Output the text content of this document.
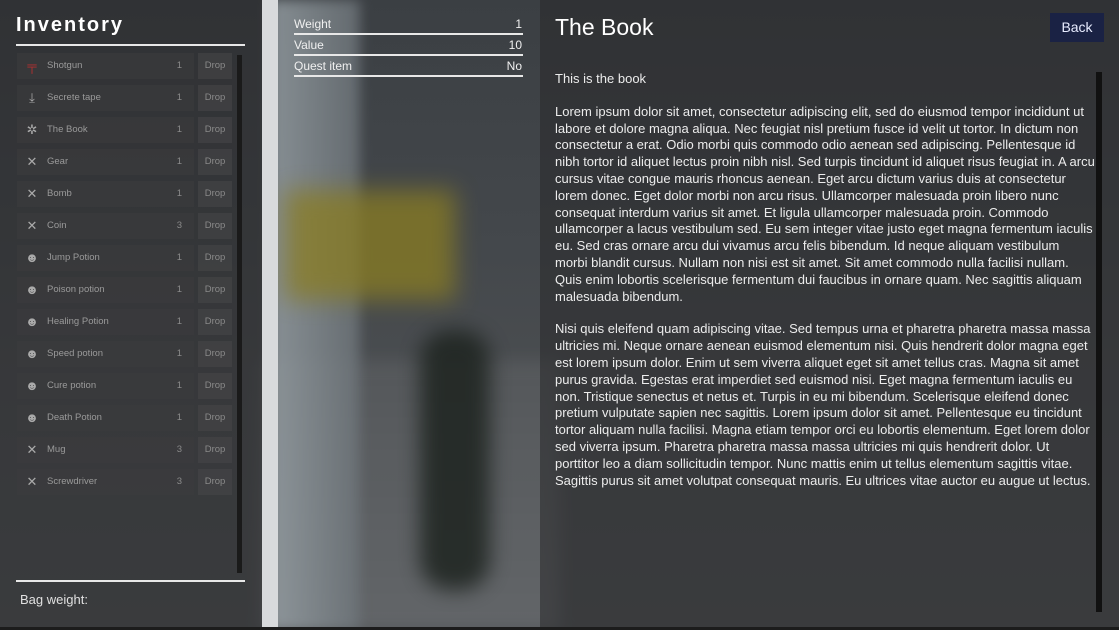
Inventory
╤	Shotgun	1	Drop
⤓	Secrete tape	1	Drop
✲ The Book	1	Drop
✕ Gear	1	Drop
✕ Bomb	1	Drop
✕ Coin	3	Drop
☻ Jump Potion	1	Drop
☻ Poison potion	1	Drop
☻ Healing Potion	1	Drop
☻ Speed potion	1	Drop
☻ Cure potion	1	Drop
☻ Death Potion	1	Drop
✕ Mug	3	Drop
✕ Screwdriver	3	Drop
Bag weight:
Weight	1
Value	10
Quest item	No
The Book	Back

This is the book

Lorem ipsum dolor sit amet, consectetur adipiscing elit, sed do eiusmod tempor incididunt ut labore et dolore magna aliqua. Nec feugiat nisl pretium fusce id velit ut tortor. In dictum non consectetur a erat. Odio morbi quis commodo odio aenean sed adipiscing. Pellentesque id nibh tortor id aliquet lectus proin nibh nisl. Sed turpis tincidunt id aliquet risus feugiat in. A arcu cursus vitae congue mauris rhoncus aenean. Eget arcu dictum varius duis at consectetur lorem donec. Eget dolor morbi non arcu risus. Ullamcorper malesuada proin libero nunc consequat interdum varius sit amet. Et ligula ullamcorper malesuada proin. Commodo ullamcorper a lacus vestibulum sed. Eu sem integer vitae justo eget magna fermentum iaculis eu. Sed cras ornare arcu dui vivamus arcu felis bibendum. Id neque aliquam vestibulum morbi blandit cursus. Nullam non nisi est sit amet. Sit amet commodo nulla facilisi nullam. Quis enim lobortis scelerisque fermentum dui faucibus in ornare quam. Nec sagittis aliquam malesuada bibendum.

Nisi quis eleifend quam adipiscing vitae. Sed tempus urna et pharetra pharetra massa massa ultricies mi. Neque ornare aenean euismod elementum nisi. Quis hendrerit dolor magna eget est lorem ipsum dolor. Enim ut sem viverra aliquet eget sit amet tellus cras. Magna sit amet purus gravida. Egestas erat imperdiet sed euismod nisi. Eget magna fermentum iaculis eu non. Tristique senectus et netus et. Turpis in eu mi bibendum. Scelerisque eleifend donec pretium vulputate sapien nec sagittis. Lorem ipsum dolor sit amet. Pellentesque eu tincidunt tortor aliquam nulla facilisi. Magna etiam tempor orci eu lobortis elementum. Eget lorem dolor sed viverra ipsum. Pharetra pharetra massa massa ultricies mi quis hendrerit dolor. Ut porttitor leo a diam sollicitudin tempor. Nunc mattis enim ut tellus elementum sagittis vitae. Sagittis purus sit amet volutpat consequat mauris. Eu ultrices vitae auctor eu augue ut lectus.
